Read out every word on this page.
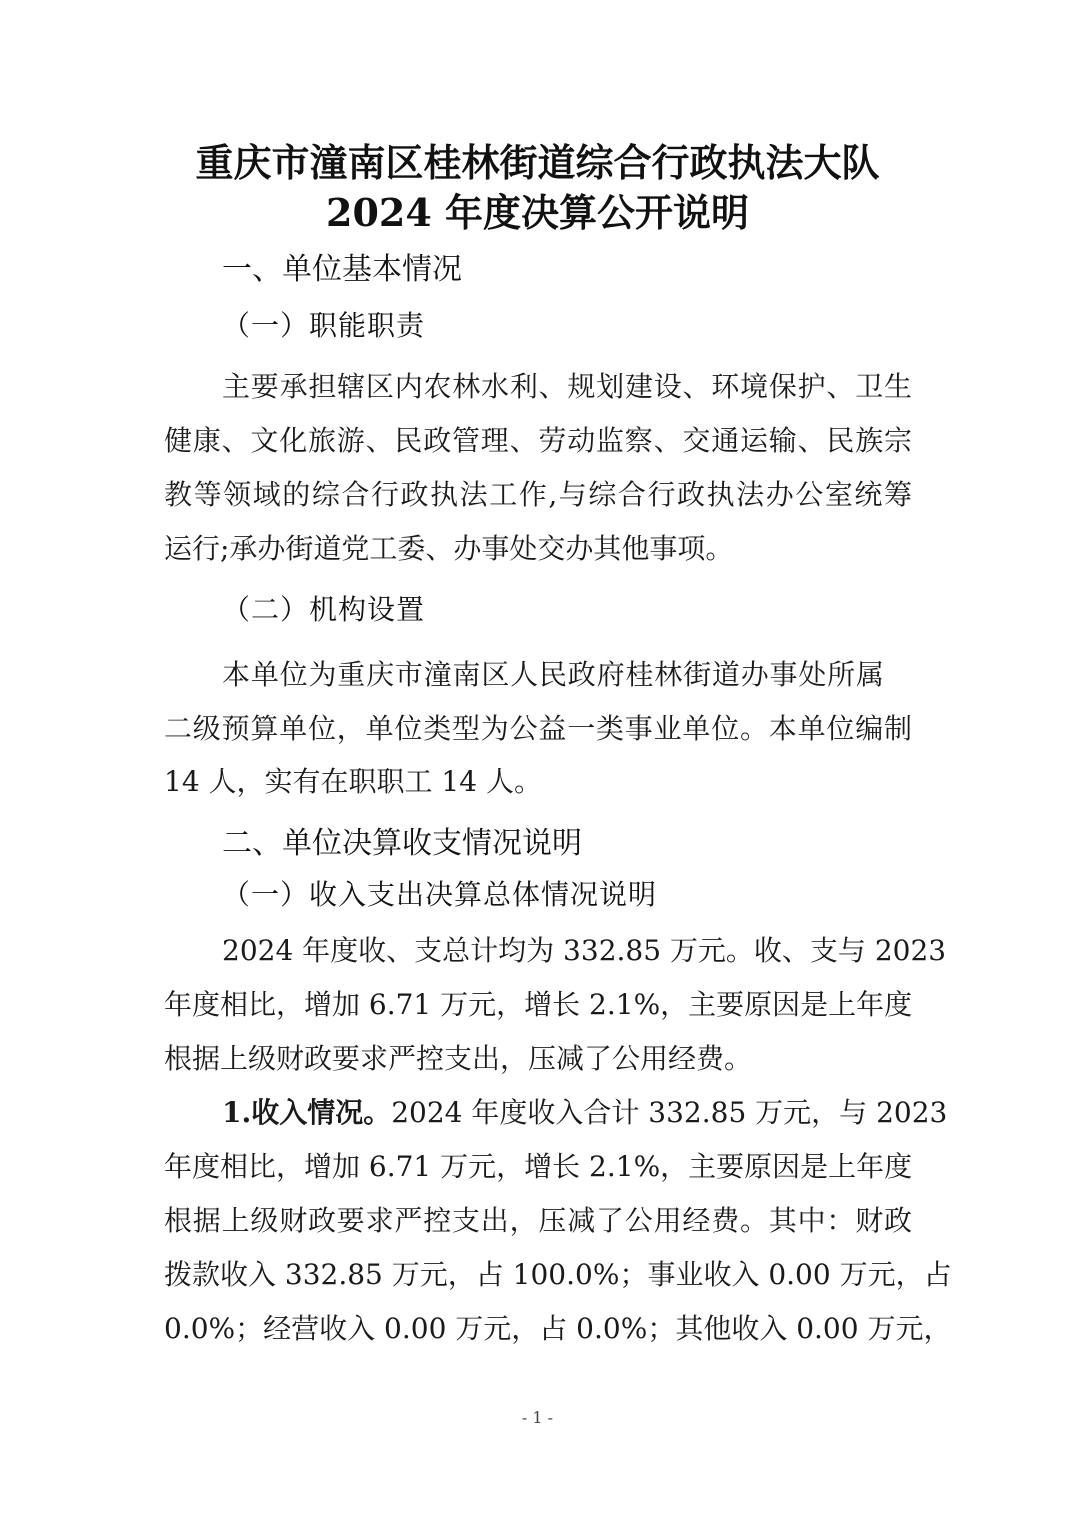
重庆市潼南区桂林街道综合行政执法大队
2024 年度决算公开说明
一、单位基本情况
（一）职能职责
主要承担辖区内农林水利、规划建设、环境保护、卫生
健康、文化旅游、民政管理、劳动监察、交通运输、民族宗
教等领域的综合行政执法工作,与综合行政执法办公室统筹
运行;承办街道党工委、办事处交办其他事项。
（二）机构设置
本单位为重庆市潼南区人民政府桂林街道办事处所属
二级预算单位，单位类型为公益一类事业单位。本单位编制
14 人，实有在职职工 14 人。
二、单位决算收支情况说明
（一）收入支出决算总体情况说明
2024 年度收、支总计均为 332.85 万元。收、支与 2023
年度相比，增加 6.71 万元，增长 2.1%，主要原因是上年度
根据上级财政要求严控支出，压减了公用经费。
1.收入情况。 2024 年度收入合计 332.85 万元，与 2023
年度相比，增加 6.71 万元，增长 2.1%，主要原因是上年度
根据上级财政要求严控支出，压减了公用经费。其中：财政
拨款收入 332.85 万元，占 100.0%；事业收入 0.00 万元，占
0.0%；经营收入 0.00 万元，占 0.0%；其他收入 0.00 万元，
- 1 -
